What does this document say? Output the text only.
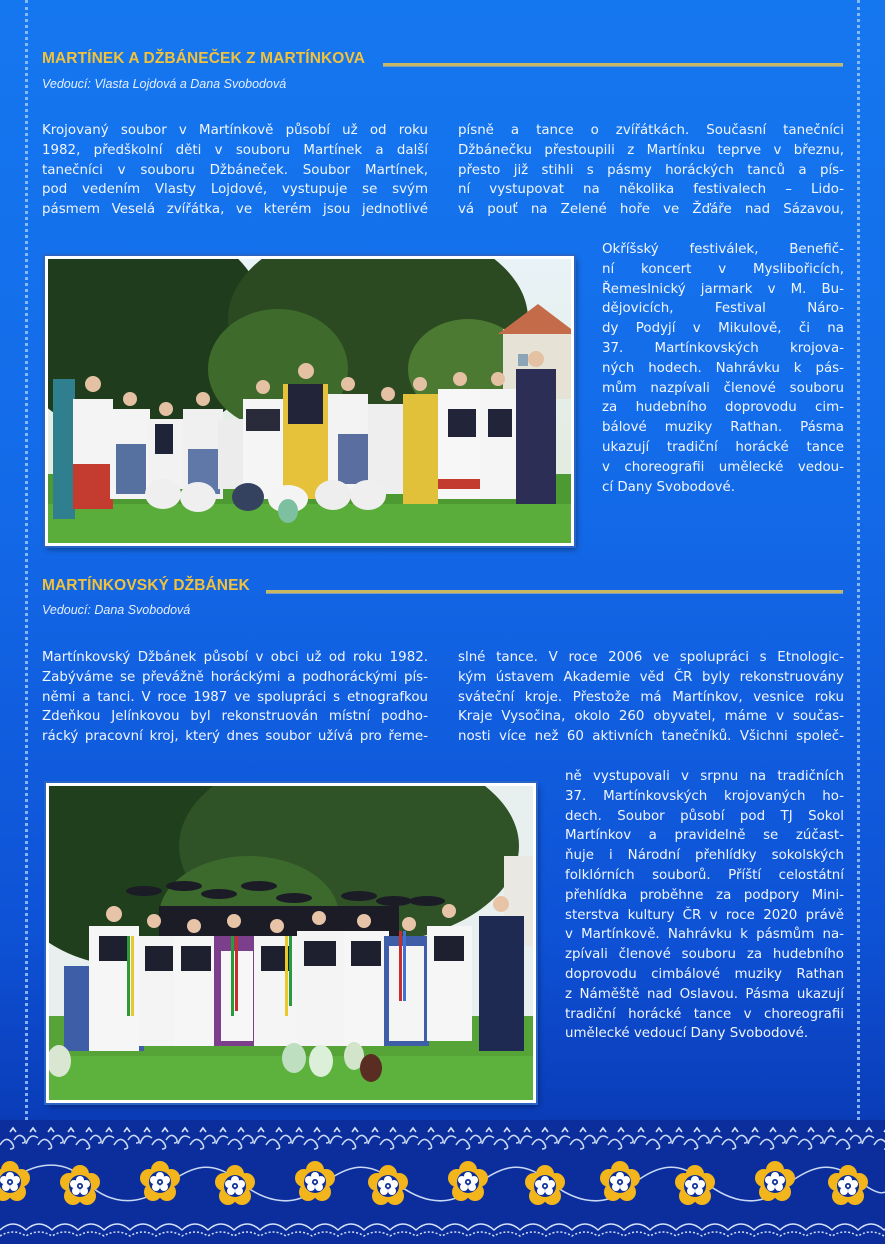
MARTÍNEK A DŽBÁNEČEK Z MARTÍNKOVA
Vedoucí: Vlasta Lojdová a Dana Svobodová
Krojovaný soubor v Martínkově působí už od roku
1982, předškolní děti v souboru Martínek a další
tanečníci v souboru Džbáneček. Soubor Martínek,
pod vedením Vlasty Lojdové, vystupuje se svým
pásmem Veselá zvířátka, ve kterém jsou jednotlivé
písně a tance o zvířátkách. Současní tanečníci
Džbánečku přestoupili z Martínku teprve v březnu,
přesto již stihli s pásmy horáckých tanců a pís-
ní vystupovat na několika festivalech – Lido-
vá pouť na Zelené hoře ve Žďáře nad Sázavou,
Okříšský festiválek, Benefič-
ní koncert v Myslibořicích,
Řemeslnický jarmark v M. Bu-
dějovicích, Festival Náro-
dy Podyjí v Mikulově, či na
37. Martínkovských krojova-
ných hodech. Nahrávku k pás-
mům nazpívali členové souboru
za hudebního doprovodu cim-
bálové muziky Rathan. Pásma
ukazují tradiční horácké tance
v choreografii umělecké vedou-
cí Dany Svobodové.
MARTÍNKOVSKÝ DŽBÁNEK
Vedoucí: Dana Svobodová
Martínkovský Džbánek působí v obci už od roku 1982.
Zabýváme se převážně horáckými a podhoráckými pís-
němi a tanci. V roce 1987 ve spolupráci s etnografkou
Zdeňkou Jelínkovou byl rekonstruován místní podho-
rácký pracovní kroj, který dnes soubor užívá pro řeme-
slné tance. V roce 2006 ve spolupráci s Etnologic-
kým ústavem Akademie věd ČR byly rekonstruovány
sváteční kroje. Přestože má Martínkov, vesnice roku
Kraje Vysočina, okolo 260 obyvatel, máme v součas-
nosti více než 60 aktivních tanečníků. Všichni společ-
ně vystupovali v srpnu na tradičních
37. Martínkovských krojovaných ho-
dech. Soubor působí pod TJ Sokol
Martínkov a pravidelně se zúčast-
ňuje i Národní přehlídky sokolských
folklórních souborů. Příští celostátní
přehlídka proběhne za podpory Mini-
sterstva kultury ČR v roce 2020 právě
v Martínkově. Nahrávku k pásmům na-
zpívali členové souboru za hudebního
doprovodu cimbálové muziky Rathan
z Náměště nad Oslavou. Pásma ukazují
tradiční horácké tance v choreografii
umělecké vedoucí Dany Svobodové.
